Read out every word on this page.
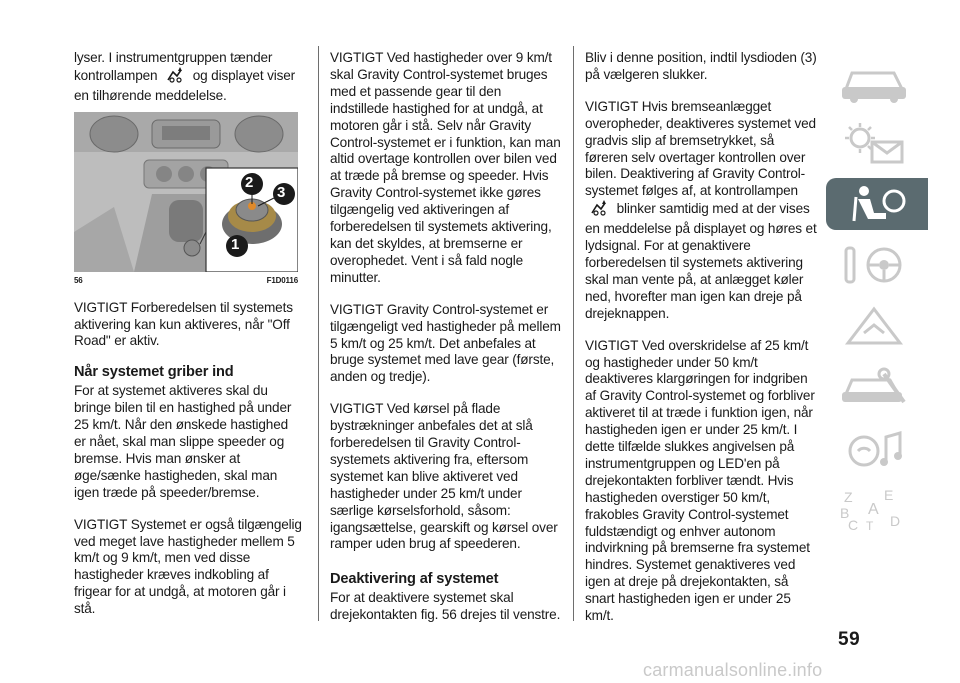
lyser. I instrumentgruppen tænder kontrollampen	og displayet viser en tilhørende meddelelse.

2
3
1
56	F1D0116

VIGTIGT Forberedelsen til systemets aktivering kan kun aktiveres, når "Off Road" er aktiv.

Når systemet griber ind

For at systemet aktiveres skal du bringe bilen til en hastighed på under 25 km/t. Når den ønskede hastighed er nået, skal man slippe speeder og bremse. Hvis man ønsker at øge/sænke hastigheden, skal man igen træde på speeder/bremse.

VIGTIGT Systemet er også tilgængelig ved meget lave hastigheder mellem 5 km/t og 9 km/t, men ved disse hastigheder kræves indkobling af frigear for at undgå, at motoren går i stå.

VIGTIGT Ved hastigheder over 9 km/t skal Gravity Control-systemet bruges med et passende gear til den indstillede hastighed for at undgå, at motoren går i stå. Selv når Gravity Control-systemet er i funktion, kan man altid overtage kontrollen over bilen ved at træde på bremse og speeder. Hvis Gravity Control-systemet ikke gøres tilgængelig ved aktiveringen af forberedelsen til systemets aktivering, kan det skyldes, at bremserne er overophedet. Vent i så fald nogle minutter.

VIGTIGT Gravity Control-systemet er tilgængeligt ved hastigheder på mellem 5 km/t og 25 km/t. Det anbefales at bruge systemet med lave gear (første, anden og tredje).

VIGTIGT Ved kørsel på flade bystrækninger anbefales det at slå forberedelsen til Gravity Control-systemets aktivering fra, eftersom systemet kan blive aktiveret ved hastigheder under 25 km/t under særlige kørselsforhold, såsom: igangsættelse, gearskift og kørsel over ramper uden brug af speederen.

Deaktivering af systemet

For at deaktivere systemet skal drejekontakten fig. 56 drejes til venstre.

Bliv i denne position, indtil lysdioden (3) på vælgeren slukker.

VIGTIGT Hvis bremseanlægget overopheder, deaktiveres systemet ved gradvis slip af bremsetrykket, så føreren selv overtager kontrollen over bilen. Deaktivering af Gravity Control-systemet følges af, at kontrollampen  blinker samtidig med at der vises en meddelelse på displayet og høres et lydsignal. For at genaktivere forberedelsen til systemets aktivering skal man vente på, at anlægget køler ned, hvorefter man igen kan dreje på drejeknappen.

VIGTIGT Ved overskridelse af 25 km/t og hastigheder under 50 km/t deaktiveres klargøringen for indgriben af Gravity Control-systemet og forbliver aktiveret til at træde i funktion igen, når hastigheden igen er under 25 km/t. I dette tilfælde slukkes angivelsen på instrumentgruppen og LED'en på drejekontakten forbliver tændt. Hvis hastigheden overstiger 50 km/t, frakobles Gravity Control-systemet fuldstændigt og enhver autonom indvirkning på bremserne fra systemet hindres. Systemet genaktiveres ved igen at dreje på drejekontakten, så snart hastigheden igen er under 25 km/t.

59
carmanualsonline.info
Z E
A
B
C D
T
